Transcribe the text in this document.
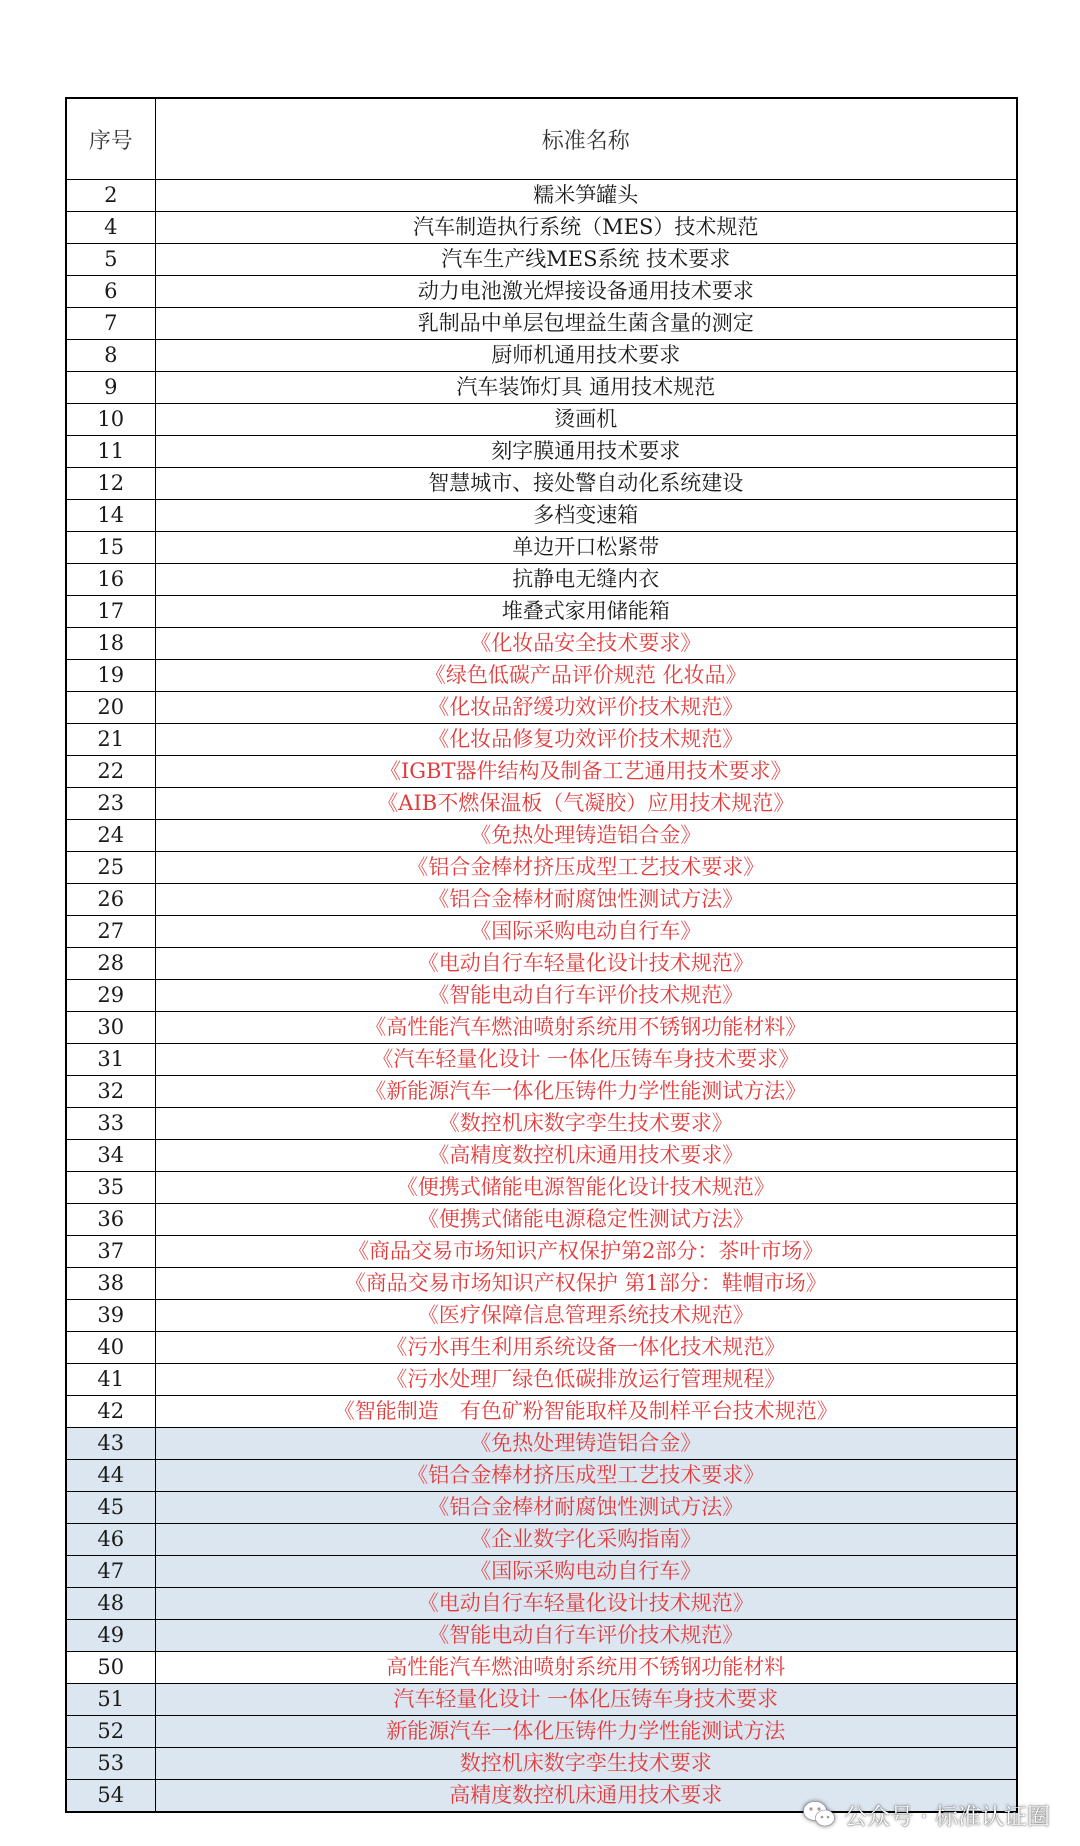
序号	标准名称
2	糯米笋罐头
4	汽车制造执行系统（MES）技术规范
5	汽车生产线MES系统 技术要求
6	动力电池激光焊接设备通用技术要求
7	乳制品中单层包埋益生菌含量的测定
8	厨师机通用技术要求
9	汽车装饰灯具 通用技术规范
10	烫画机
11	刻字膜通用技术要求
12	智慧城市、接处警自动化系统建设
14	多档变速箱
15	单边开口松紧带
16	抗静电无缝内衣
17	堆叠式家用储能箱
18	《化妆品安全技术要求》
19	《绿色低碳产品评价规范 化妆品》
20	《化妆品舒缓功效评价技术规范》
21	《化妆品修复功效评价技术规范》
22	《IGBT器件结构及制备工艺通用技术要求》
23	《AIB不燃保温板（气凝胶）应用技术规范》
24	《免热处理铸造铝合金》
25	《铝合金棒材挤压成型工艺技术要求》
26	《铝合金棒材耐腐蚀性测试方法》
27	《国际采购电动自行车》
28	《电动自行车轻量化设计技术规范》
29	《智能电动自行车评价技术规范》
30	《高性能汽车燃油喷射系统用不锈钢功能材料》
31	《汽车轻量化设计 一体化压铸车身技术要求》
32	《新能源汽车一体化压铸件力学性能测试方法》
33	《数控机床数字孪生技术要求》
34	《高精度数控机床通用技术要求》
35	《便携式储能电源智能化设计技术规范》
36	《便携式储能电源稳定性测试方法》
37	《商品交易市场知识产权保护第2部分：茶叶市场》
38	《商品交易市场知识产权保护 第1部分：鞋帽市场》
39	《医疗保障信息管理系统技术规范》
40	《污水再生利用系统设备一体化技术规范》
41	《污水处理厂绿色低碳排放运行管理规程》
42	《智能制造　有色矿粉智能取样及制样平台技术规范》
43	《免热处理铸造铝合金》
44	《铝合金棒材挤压成型工艺技术要求》
45	《铝合金棒材耐腐蚀性测试方法》
46	《企业数字化采购指南》
47	《国际采购电动自行车》
48	《电动自行车轻量化设计技术规范》
49	《智能电动自行车评价技术规范》
50	高性能汽车燃油喷射系统用不锈钢功能材料
51	汽车轻量化设计 一体化压铸车身技术要求
52	新能源汽车一体化压铸件力学性能测试方法
53	数控机床数字孪生技术要求
54	高精度数控机床通用技术要求
公众号 · 标准认证圈
